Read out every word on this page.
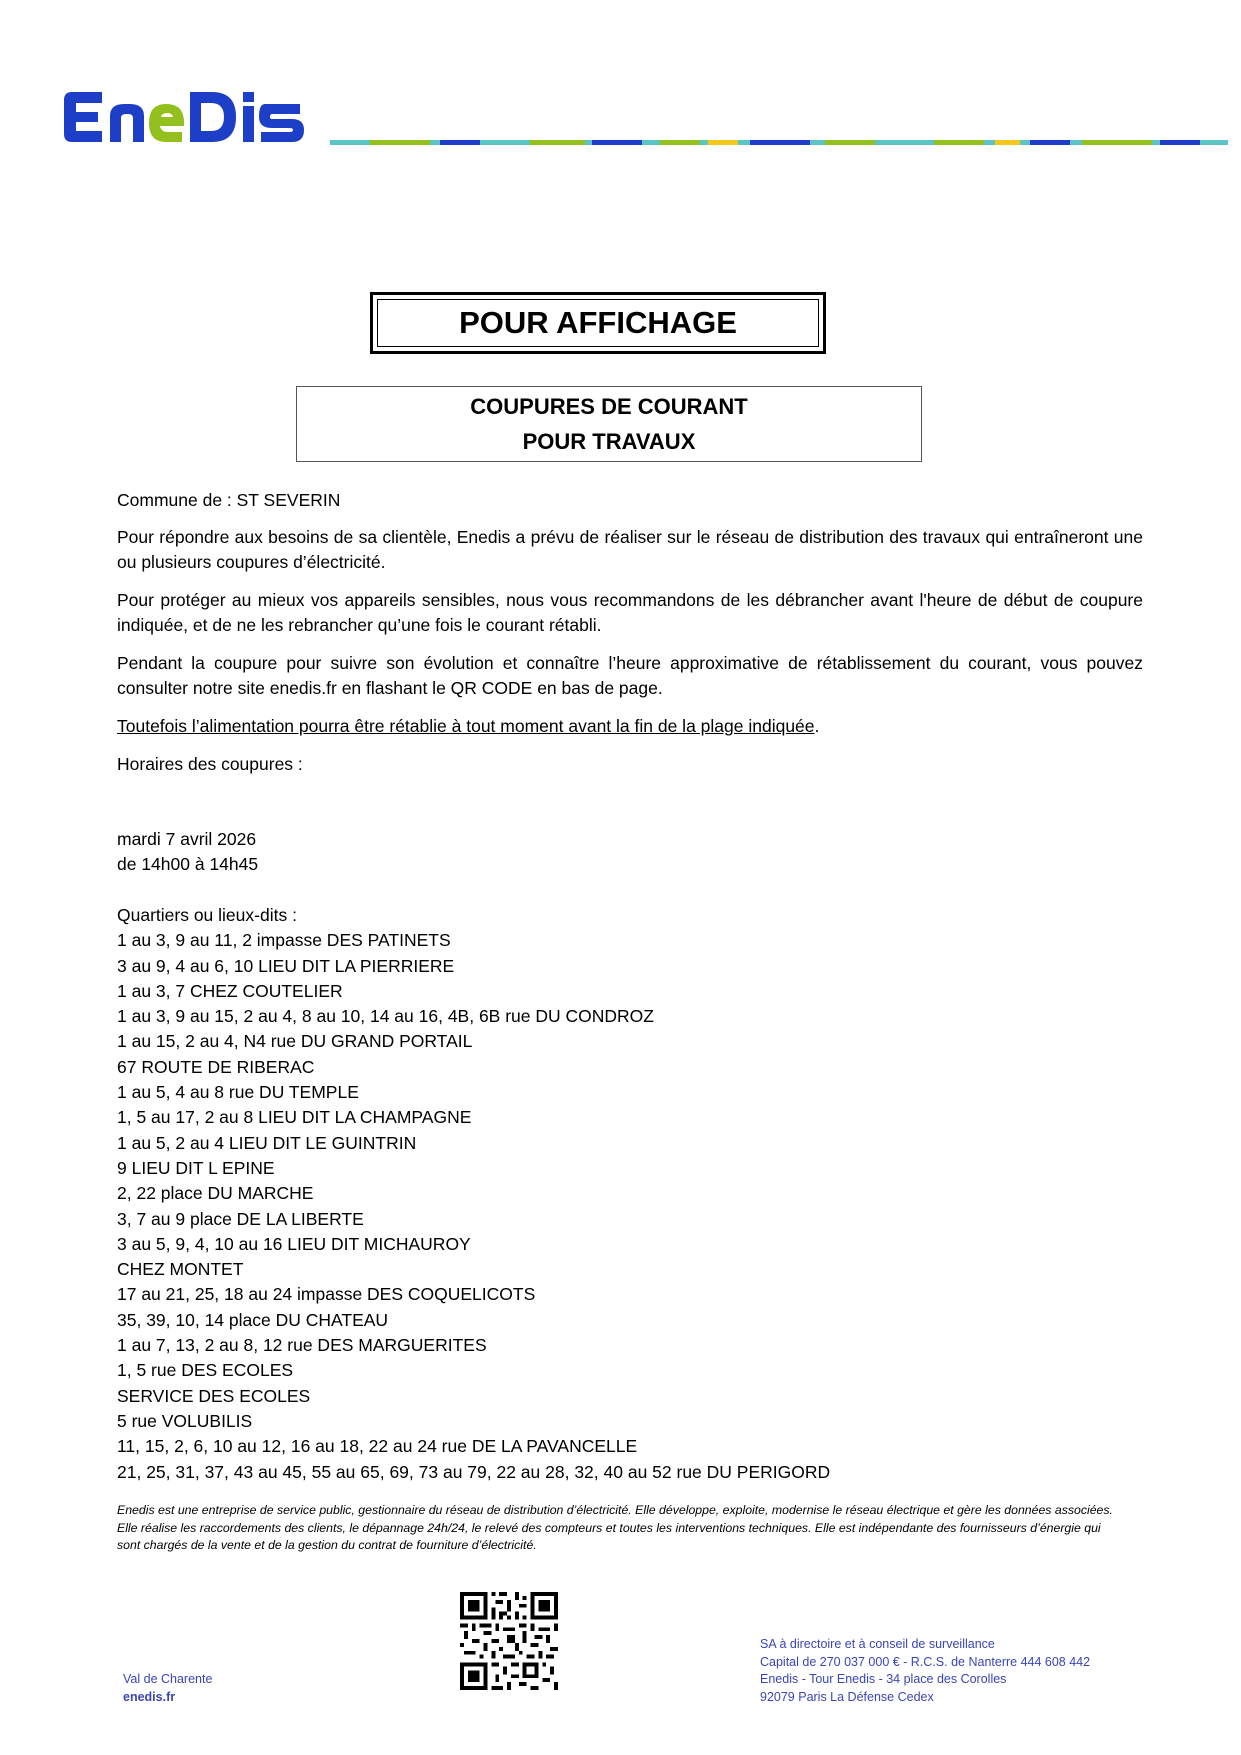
POUR AFFICHAGE
COUPURES DE COURANT
POUR TRAVAUX
Commune de : ST SEVERIN
Pour répondre aux besoins de sa clientèle, Enedis a prévu de réaliser sur le réseau de distribution des travaux qui entraîneront une ou plusieurs coupures d’électricité.
Pour protéger au mieux vos appareils sensibles, nous vous recommandons de les débrancher avant l'heure de début de coupure indiquée, et de ne les rebrancher qu’une fois le courant rétabli.
Pendant la coupure pour suivre son évolution et connaître l’heure approximative de rétablissement du courant, vous pouvez consulter notre site enedis.fr en flashant le QR CODE en bas de page.
Toutefois l’alimentation pourra être rétablie à tout moment avant la fin de la plage indiquée.
Horaires des coupures :
mardi 7 avril 2026
de 14h00 à 14h45
Quartiers ou lieux-dits :
1 au 3, 9 au 11, 2 impasse DES PATINETS
3 au 9, 4 au 6, 10 LIEU DIT LA PIERRIERE
1 au 3, 7 CHEZ COUTELIER
1 au 3, 9 au 15, 2 au 4, 8 au 10, 14 au 16, 4B, 6B rue DU CONDROZ
1 au 15, 2 au 4, N4 rue DU GRAND PORTAIL
67 ROUTE DE RIBERAC
1 au 5, 4 au 8 rue DU TEMPLE
1, 5 au 17, 2 au 8 LIEU DIT LA CHAMPAGNE
1 au 5, 2 au 4 LIEU DIT LE GUINTRIN
9 LIEU DIT L EPINE
2, 22 place DU MARCHE
3, 7 au 9 place DE LA LIBERTE
3 au 5, 9, 4, 10 au 16 LIEU DIT MICHAUROY
CHEZ MONTET
17 au 21, 25, 18 au 24 impasse DES COQUELICOTS
35, 39, 10, 14 place DU CHATEAU
1 au 7, 13, 2 au 8, 12 rue DES MARGUERITES
1, 5 rue DES ECOLES
SERVICE DES ECOLES
5 rue VOLUBILIS
11, 15, 2, 6, 10 au 12, 16 au 18, 22 au 24 rue DE LA PAVANCELLE
21, 25, 31, 37, 43 au 45, 55 au 65, 69, 73 au 79, 22 au 28, 32, 40 au 52 rue DU PERIGORD
Enedis est une entreprise de service public, gestionnaire du réseau de distribution d’électricité. Elle développe, exploite, modernise le réseau électrique et gère les données associées. Elle réalise les raccordements des clients, le dépannage 24h/24, le relevé des compteurs et toutes les interventions techniques. Elle est indépendante des fournisseurs d’énergie qui sont chargés de la vente et de la gestion du contrat de fourniture d’électricité.
Val de Charente
enedis.fr
SA à directoire et à conseil de surveillance
Capital de 270 037 000 € - R.C.S. de Nanterre 444 608 442
Enedis - Tour Enedis - 34 place des Corolles
92079 Paris La Défense Cedex
